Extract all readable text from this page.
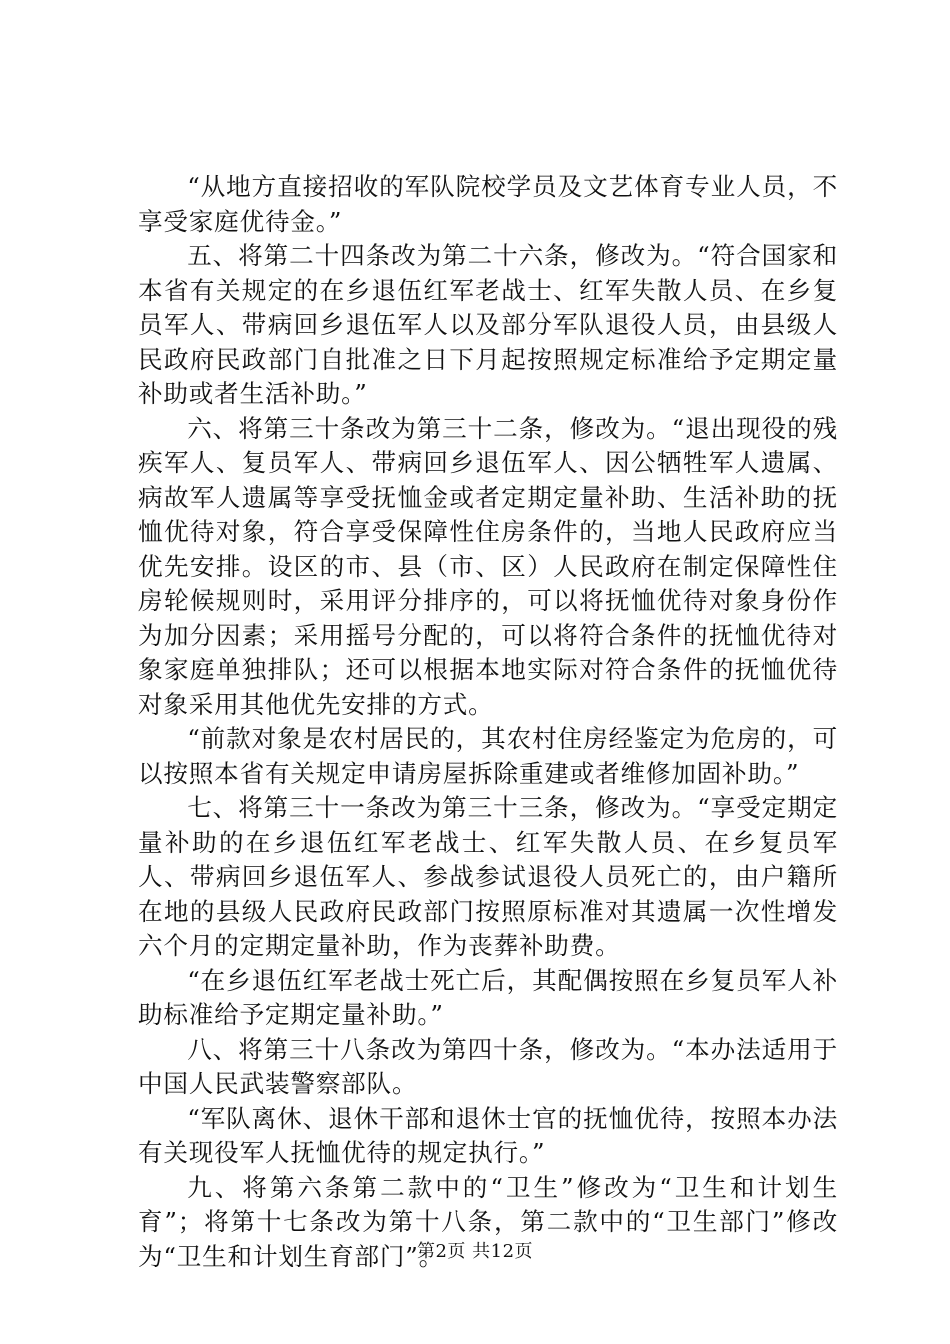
“从地方直接招收的军队院校学员及文艺体育专业人员，不享受家庭优待金。”

五、将第二十四条改为第二十六条，修改为。“符合国家和本省有关规定的在乡退伍红军老战士、红军失散人员、在乡复员军人、带病回乡退伍军人以及部分军队退役人员，由县级人民政府民政部门自批准之日下月起按照规定标准给予定期定量补助或者生活补助。”

六、将第三十条改为第三十二条，修改为。“退出现役的残疾军人、复员军人、带病回乡退伍军人、因公牺牲军人遗属、病故军人遗属等享受抚恤金或者定期定量补助、生活补助的抚恤优待对象，符合享受保障性住房条件的，当地人民政府应当优先安排。设区的市、县（市、区）人民政府在制定保障性住房轮候规则时，采用评分排序的，可以将抚恤优待对象身份作为加分因素；采用摇号分配的，可以将符合条件的抚恤优待对象家庭单独排队；还可以根据本地实际对符合条件的抚恤优待对象采用其他优先安排的方式。

“前款对象是农村居民的，其农村住房经鉴定为危房的，可以按照本省有关规定申请房屋拆除重建或者维修加固补助。”

七、将第三十一条改为第三十三条，修改为。“享受定期定量补助的在乡退伍红军老战士、红军失散人员、在乡复员军人、带病回乡退伍军人、参战参试退役人员死亡的，由户籍所在地的县级人民政府民政部门按照原标准对其遗属一次性增发六个月的定期定量补助，作为丧葬补助费。

“在乡退伍红军老战士死亡后，其配偶按照在乡复员军人补助标准给予定期定量补助。”

八、将第三十八条改为第四十条，修改为。“本办法适用于中国人民武装警察部队。

“军队离休、退休干部和退休士官的抚恤优待，按照本办法有关现役军人抚恤优待的规定执行。”

九、将第六条第二款中的“卫生”修改为“卫生和计划生育”；将第十七条改为第十八条，第二款中的“卫生部门”修改为“卫生和计划生育部门”。

第2页 共12页
